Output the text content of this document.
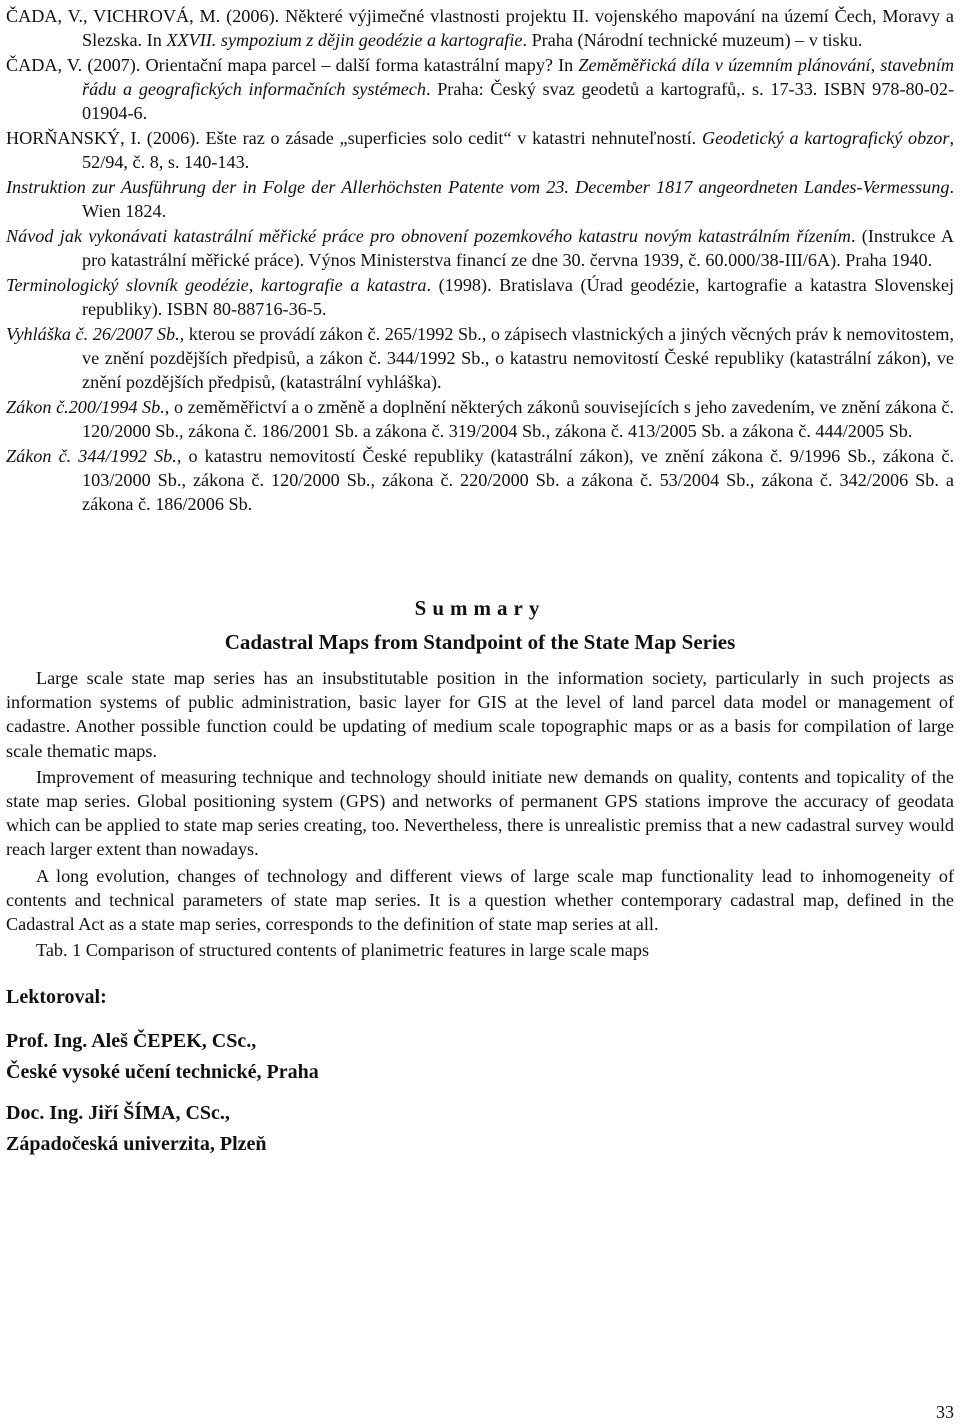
ČADA, V., VICHROVÁ, M. (2006). Některé výjimečné vlastnosti projektu II. vojenského mapování na území Čech, Moravy a Slezska. In XXVII. sympozium z dějin geodézie a kartografie. Praha (Národní technické muzeum) – v tisku.

ČADA, V. (2007). Orientační mapa parcel – další forma katastrální mapy? In Zeměměřická díla v územním plánování, stavebním řádu a geografických informačních systémech. Praha: Český svaz geodetů a kartografů,. s. 17-33. ISBN 978-80-02-01904-6.

HORŇANSKÝ, I. (2006). Ešte raz o zásade „superficies solo cedit“ v katastri nehnuteľností. Geodetický a kartografický obzor, 52/94, č. 8, s. 140-143.

Instruktion zur Ausführung der in Folge der Allerhöchsten Patente vom 23. December 1817 angeordneten Landes-Vermessung. Wien 1824.

Návod jak vykonávati katastrální měřické práce pro obnovení pozemkového katastru novým katastrálním řízením. (Instrukce A pro katastrální měřické práce). Výnos Ministerstva financí ze dne 30. června 1939, č. 60.000/38-III/6A). Praha 1940.

Terminologický slovník geodézie, kartografie a katastra. (1998). Bratislava (Úrad geodézie, kartografie a katastra Slovenskej republiky). ISBN 80-88716-36-5.

Vyhláška č. 26/2007 Sb., kterou se provádí zákon č. 265/1992 Sb., o zápisech vlastnických a jiných věcných práv k nemovitostem, ve znění pozdějších předpisů, a zákon č. 344/1992 Sb., o katastru nemovitostí České republiky (katastrální zákon), ve znění pozdějších předpisů, (katastrální vyhláška).

Zákon č.200/1994 Sb., o zeměměřictví a o změně a doplnění některých zákonů souvisejících s jeho zavedením, ve znění zákona č. 120/2000 Sb., zákona č. 186/2001 Sb. a zákona č. 319/2004 Sb., zákona č. 413/2005 Sb. a zákona č. 444/2005 Sb.

Zákon č. 344/1992 Sb., o katastru nemovitostí České republiky (katastrální zákon), ve znění zákona č. 9/1996 Sb., zákona č. 103/2000 Sb., zákona č. 120/2000 Sb., zákona č. 220/2000 Sb. a zákona č. 53/2004 Sb., zákona č. 342/2006 Sb. a zákona č. 186/2006 Sb.

Summary
Cadastral Maps from Standpoint of the State Map Series

Large scale state map series has an insubstitutable position in the information society, particularly in such projects as information systems of public administration, basic layer for GIS at the level of land parcel data model or management of cadastre. Another possible function could be updating of medium scale topographic maps or as a basis for compilation of large scale thematic maps.

Improvement of measuring technique and technology should initiate new demands on quality, contents and topicality of the state map series. Global positioning system (GPS) and networks of permanent GPS stations improve the accuracy of geodata which can be applied to state map series creating, too. Nevertheless, there is unrealistic premiss that a new cadastral survey would reach larger extent than nowadays.

A long evolution, changes of technology and different views of large scale map functionality lead to inhomogeneity of contents and technical parameters of state map series. It is a question whether contemporary cadastral map, defined in the Cadastral Act as a state map series, corresponds to the definition of state map series at all.

Tab. 1 Comparison of structured contents of planimetric features in large scale maps

Lektoroval:
Prof. Ing. Aleš ČEPEK, CSc.,
České vysoké učení technické, Praha
Doc. Ing. Jiří ŠÍMA, CSc.,
Západočeská univerzita, Plzeň
33
